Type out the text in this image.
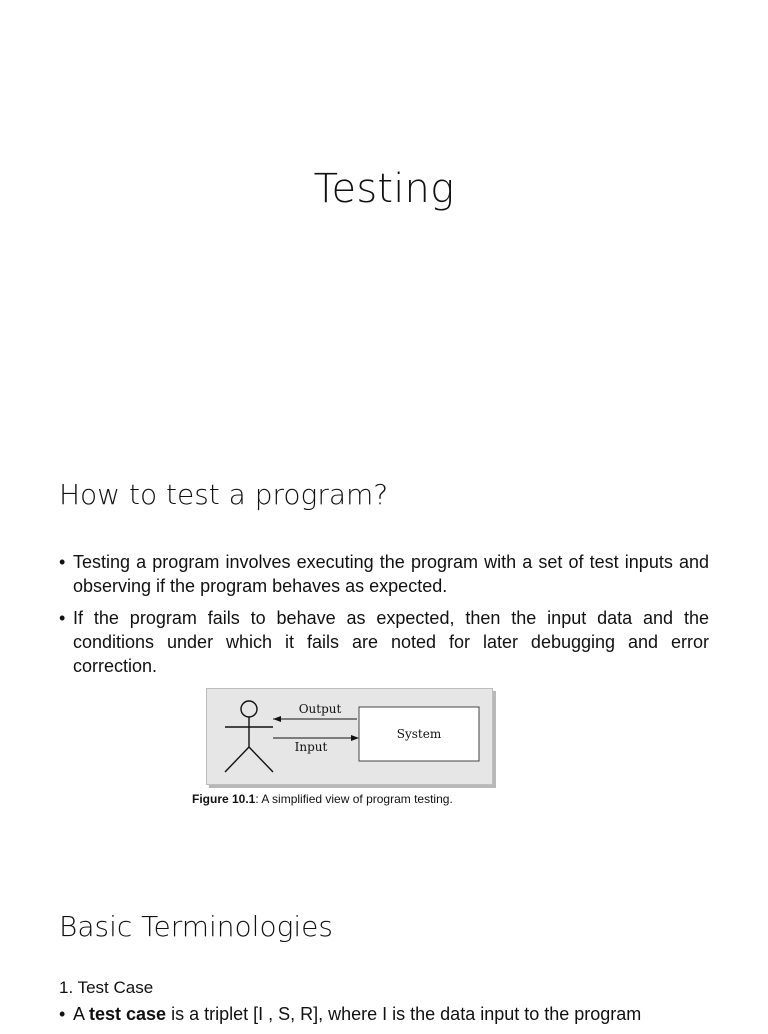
Testing
How to test a program?
• Testing a program involves executing the program with a set of test inputs and observing if the program behaves as expected.
• If the program fails to behave as expected, then the input data and the conditions under which it fails are noted for later debugging and error correction.
Output
Input
System
Figure 10.1: A simplified view of program testing.
Basic Terminologies
1. Test Case
• A test case is a triplet [I , S, R], where I is the data input to the program
